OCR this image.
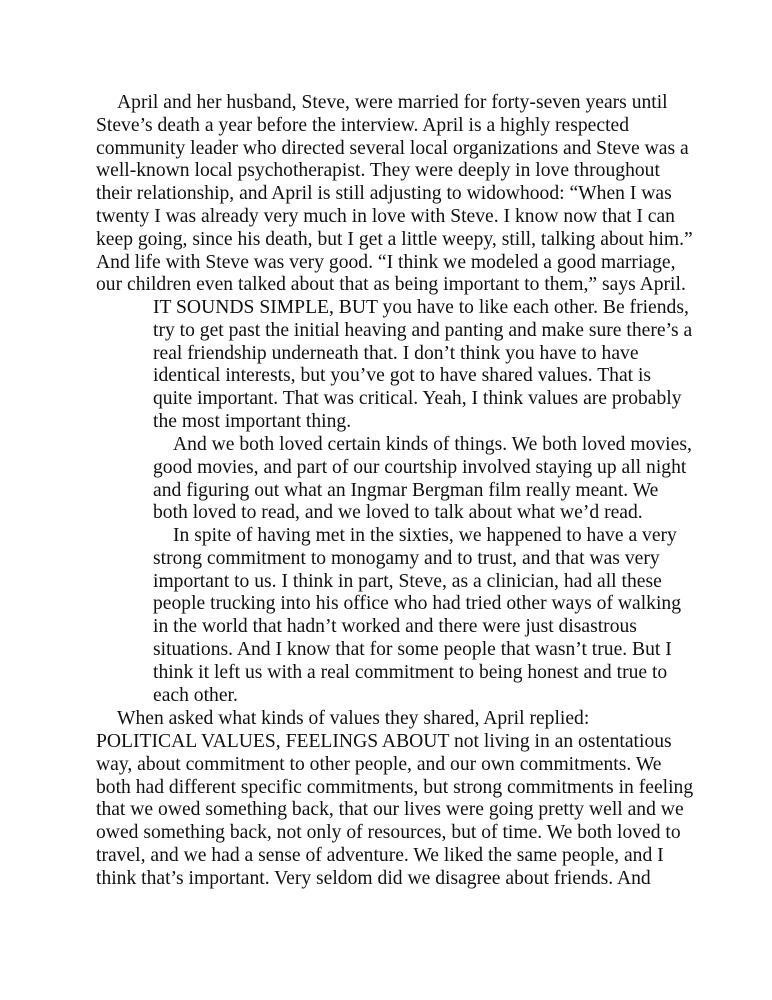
April and her husband, Steve, were married for forty-seven years until
Steve’s death a year before the interview. April is a highly respected
community leader who directed several local organizations and Steve was a
well-known local psychotherapist. They were deeply in love throughout
their relationship, and April is still adjusting to widowhood: “When I was
twenty I was already very much in love with Steve. I know now that I can
keep going, since his death, but I get a little weepy, still, talking about him.”
And life with Steve was very good. “I think we modeled a good marriage,
our children even talked about that as being important to them,” says April.

IT SOUNDS SIMPLE, BUT you have to like each other. Be friends,
try to get past the initial heaving and panting and make sure there’s a
real friendship underneath that. I don’t think you have to have
identical interests, but you’ve got to have shared values. That is
quite important. That was critical. Yeah, I think values are probably
the most important thing.
And we both loved certain kinds of things. We both loved movies,
good movies, and part of our courtship involved staying up all night
and figuring out what an Ingmar Bergman film really meant. We
both loved to read, and we loved to talk about what we’d read.
In spite of having met in the sixties, we happened to have a very
strong commitment to monogamy and to trust, and that was very
important to us. I think in part, Steve, as a clinician, had all these
people trucking into his office who had tried other ways of walking
in the world that hadn’t worked and there were just disastrous
situations. And I know that for some people that wasn’t true. But I
think it left us with a real commitment to being honest and true to
each other.

When asked what kinds of values they shared, April replied:

POLITICAL VALUES, FEELINGS ABOUT not living in an ostentatious
way, about commitment to other people, and our own commitments. We
both had different specific commitments, but strong commitments in feeling
that we owed something back, that our lives were going pretty well and we
owed something back, not only of resources, but of time. We both loved to
travel, and we had a sense of adventure. We liked the same people, and I
think that’s important. Very seldom did we disagree about friends. And
